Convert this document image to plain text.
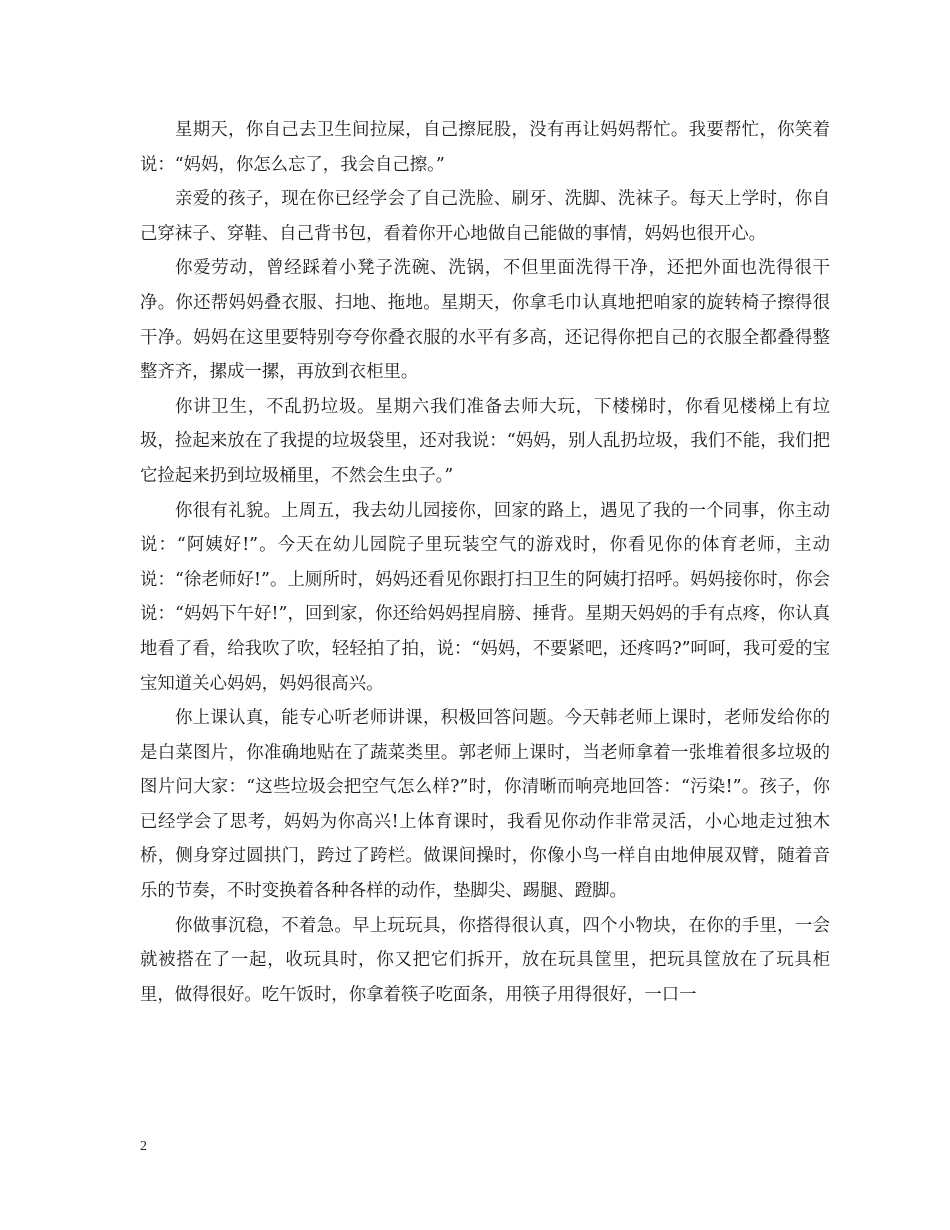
星期天，你自己去卫生间拉屎，自己擦屁股，没有再让妈妈帮忙。我要帮忙，你笑着说：“妈妈，你怎么忘了，我会自己擦。”

亲爱的孩子，现在你已经学会了自己洗脸、刷牙、洗脚、洗袜子。每天上学时，你自己穿袜子、穿鞋、自己背书包，看着你开心地做自己能做的事情，妈妈也很开心。

你爱劳动，曾经踩着小凳子洗碗、洗锅，不但里面洗得干净，还把外面也洗得很干净。你还帮妈妈叠衣服、扫地、拖地。星期天，你拿毛巾认真地把咱家的旋转椅子擦得很干净。妈妈在这里要特别夸夸你叠衣服的水平有多高，还记得你把自己的衣服全都叠得整整齐齐，摞成一摞，再放到衣柜里。

你讲卫生，不乱扔垃圾。星期六我们准备去师大玩，下楼梯时，你看见楼梯上有垃圾，捡起来放在了我提的垃圾袋里，还对我说：“妈妈，别人乱扔垃圾，我们不能，我们把它捡起来扔到垃圾桶里，不然会生虫子。”

你很有礼貌。上周五，我去幼儿园接你，回家的路上，遇见了我的一个同事，你主动说：“阿姨好!”。今天在幼儿园院子里玩装空气的游戏时，你看见你的体育老师，主动说：“徐老师好!”。上厕所时，妈妈还看见你跟打扫卫生的阿姨打招呼。妈妈接你时，你会说：“妈妈下午好!”，回到家，你还给妈妈捏肩膀、捶背。星期天妈妈的手有点疼，你认真地看了看，给我吹了吹，轻轻拍了拍，说：“妈妈，不要紧吧，还疼吗?”呵呵，我可爱的宝宝知道关心妈妈，妈妈很高兴。

你上课认真，能专心听老师讲课，积极回答问题。今天韩老师上课时，老师发给你的是白菜图片，你准确地贴在了蔬菜类里。郭老师上课时，当老师拿着一张堆着很多垃圾的图片问大家：“这些垃圾会把空气怎么样?”时，你清晰而响亮地回答：“污染!”。孩子，你已经学会了思考，妈妈为你高兴!上体育课时，我看见你动作非常灵活，小心地走过独木桥，侧身穿过圆拱门，跨过了跨栏。做课间操时，你像小鸟一样自由地伸展双臂，随着音乐的节奏，不时变换着各种各样的动作，垫脚尖、踢腿、蹬脚。

你做事沉稳，不着急。早上玩玩具，你搭得很认真，四个小物块，在你的手里，一会就被搭在了一起，收玩具时，你又把它们拆开，放在玩具筐里，把玩具筐放在了玩具柜里，做得很好。吃午饭时，你拿着筷子吃面条，用筷子用得很好，一口一

2
